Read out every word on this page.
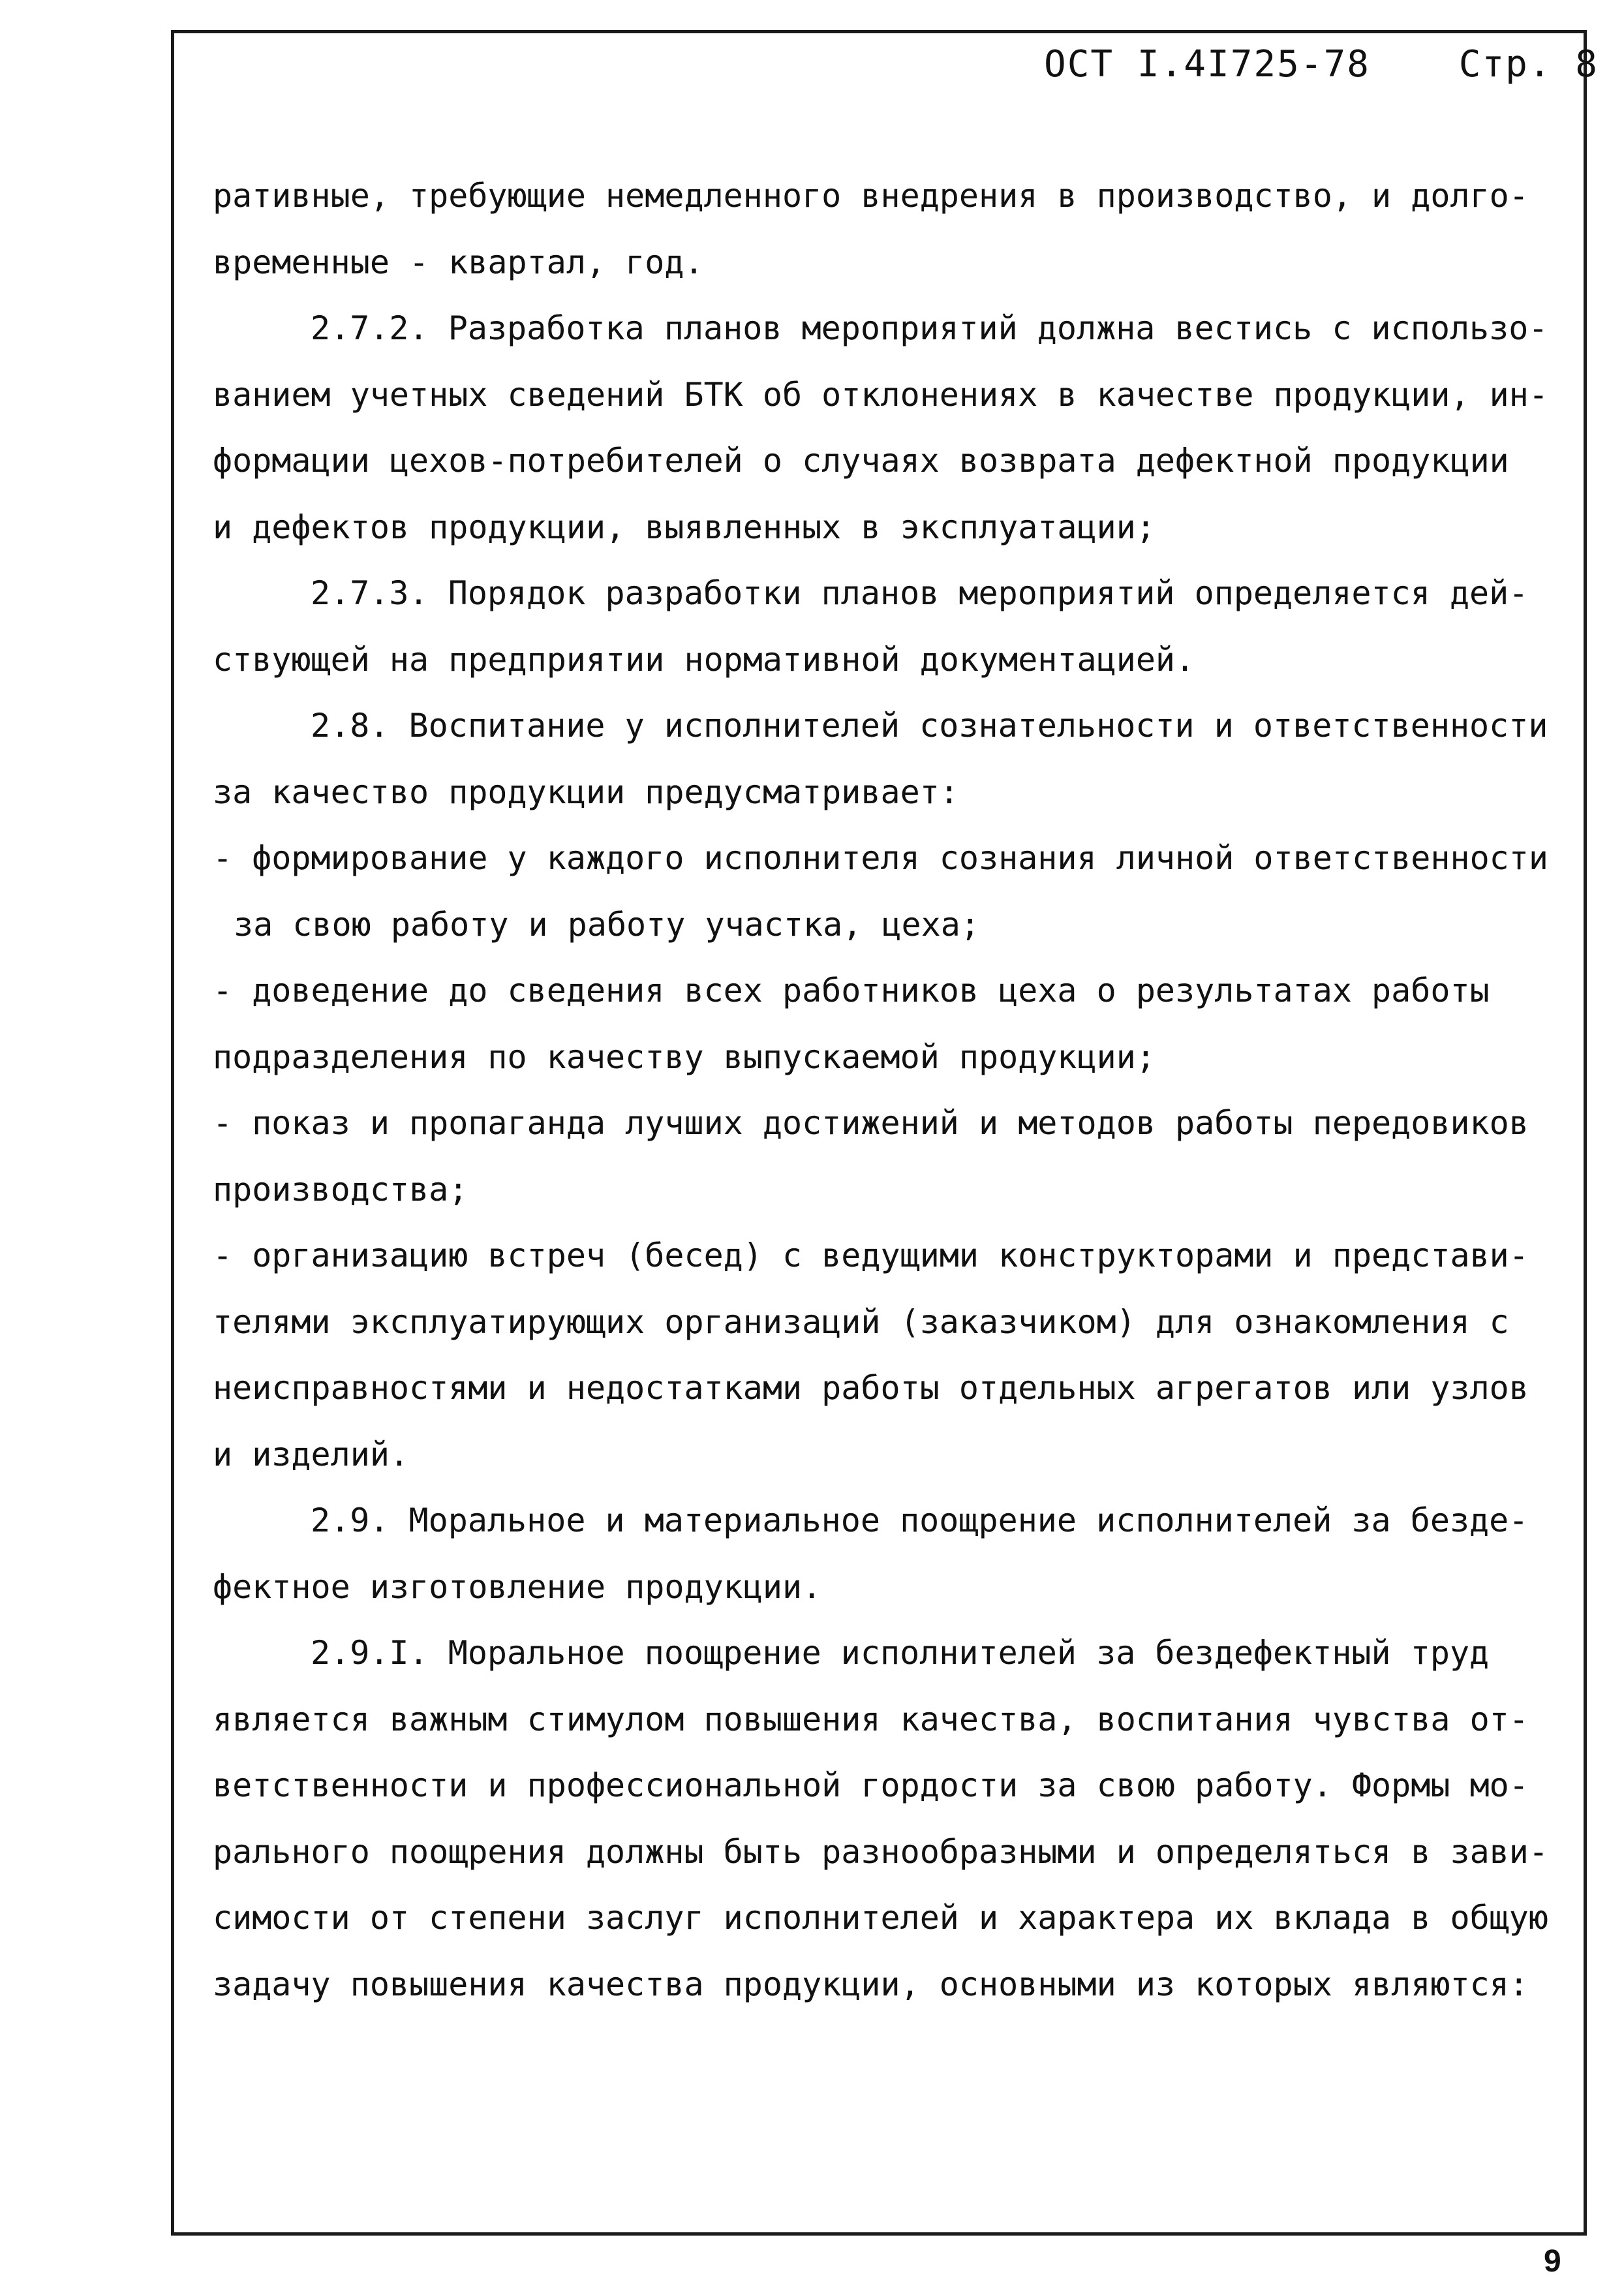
ОСТ I.4I725-78 Стр. 8
ративные, требующие немедленного внедрения в производство, и долго-
временные - квартал, год.
2.7.2. Разработка планов мероприятий должна вестись с использо-
ванием учетных сведений БТК об отклонениях в качестве продукции, ин-
формации цехов-потребителей о случаях возврата дефектной продукции
и дефектов продукции, выявленных в эксплуатации;
2.7.3. Порядок разработки планов мероприятий определяется дей-
ствующей на предприятии нормативной документацией.
2.8. Воспитание у исполнителей сознательности и ответственности
за качество продукции предусматривает:
- формирование у каждого исполнителя сознания личной ответственности
за свою работу и работу участка, цеха;
- доведение до сведения всех работников цеха о результатах работы
подразделения по качеству выпускаемой продукции;
- показ и пропаганда лучших достижений и методов работы передовиков
производства;
- организацию встреч (бесед) с ведущими конструкторами и представи-
телями эксплуатирующих организаций (заказчиком) для ознакомления с
неисправностями и недостатками работы отдельных агрегатов или узлов
и изделий.
2.9. Моральное и материальное поощрение исполнителей за безде-
фектное изготовление продукции.
2.9.I. Моральное поощрение исполнителей за бездефектный труд
является важным стимулом повышения качества, воспитания чувства от-
ветственности и профессиональной гордости за свою работу. Формы мо-
рального поощрения должны быть разнообразными и определяться в зави-
симости от степени заслуг исполнителей и характера их вклада в общую
задачу повышения качества продукции, основными из которых являются:
9
